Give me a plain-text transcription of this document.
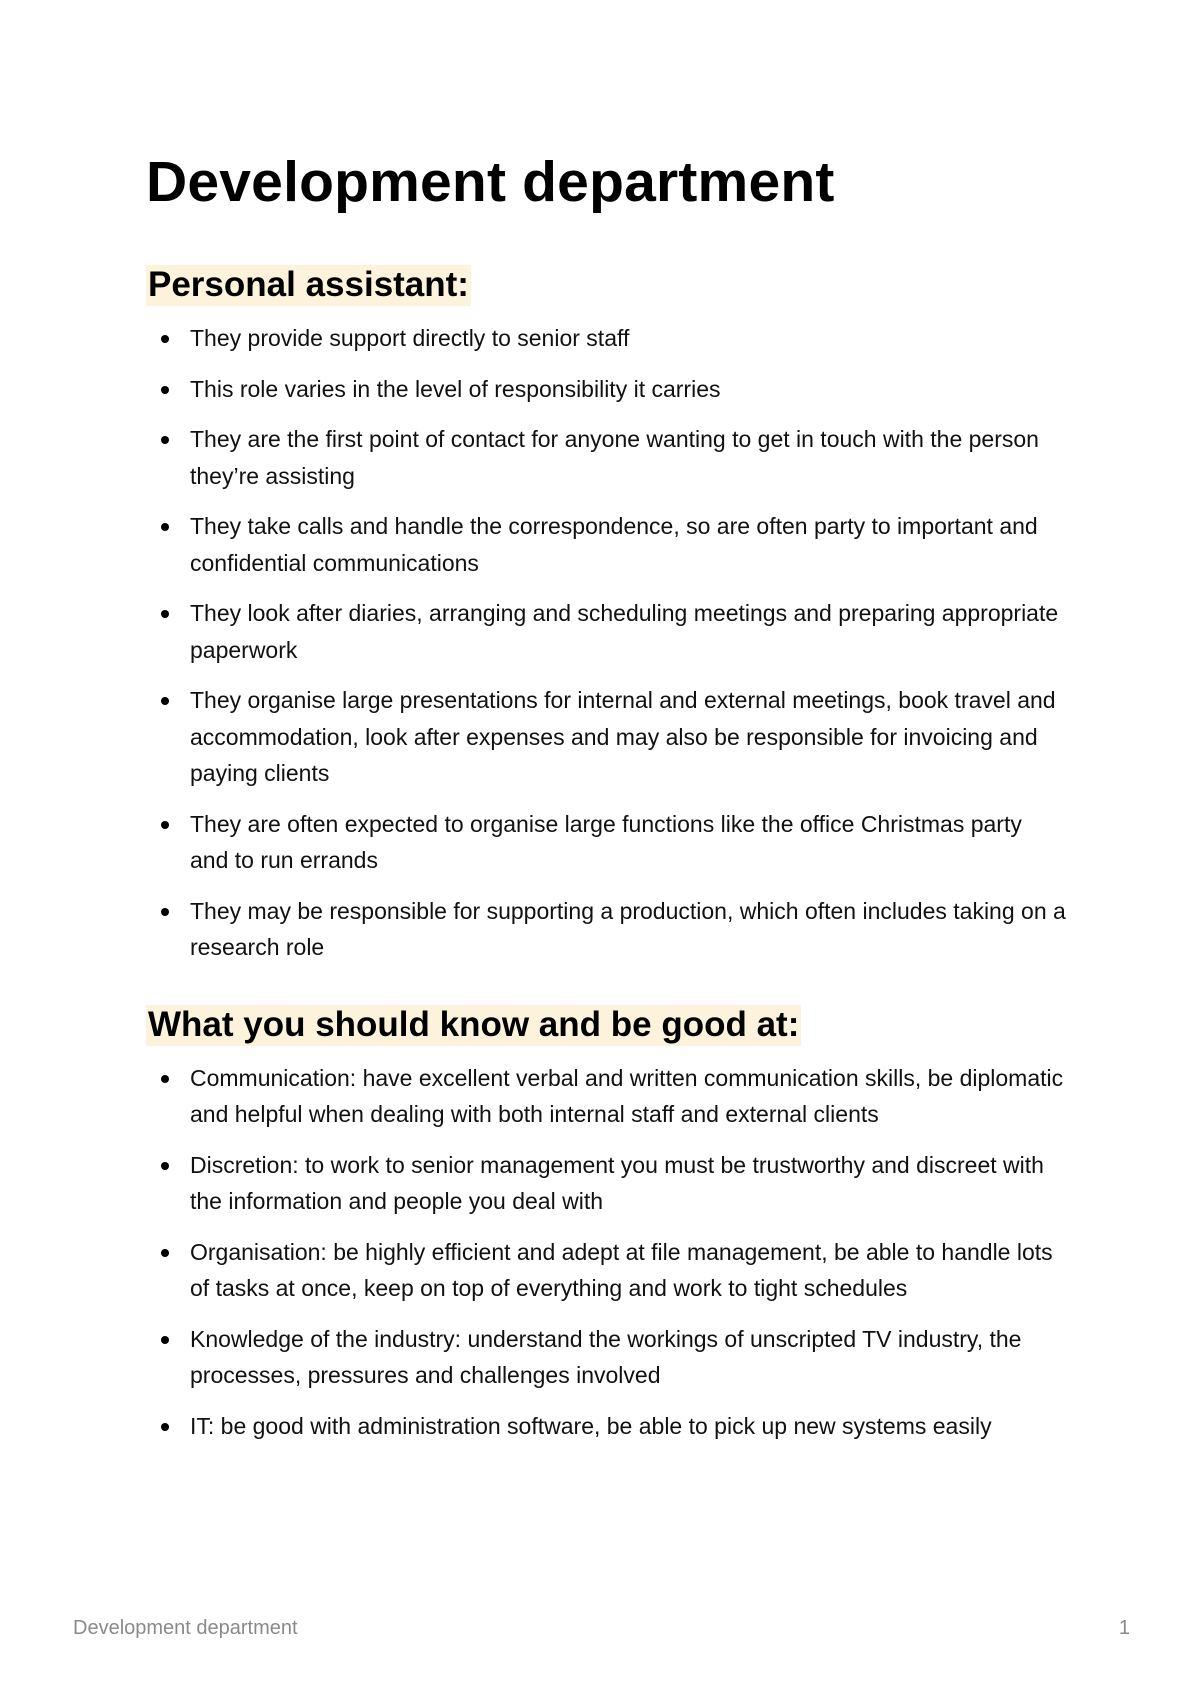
Development department
Personal assistant:
They provide support directly to senior staff
This role varies in the level of responsibility it carries
They are the first point of contact for anyone wanting to get in touch with the person they’re assisting
They take calls and handle the correspondence, so are often party to important and confidential communications
They look after diaries, arranging and scheduling meetings and preparing appropriate paperwork
They organise large presentations for internal and external meetings, book travel and accommodation, look after expenses and may also be responsible for invoicing and paying clients
They are often expected to organise large functions like the office Christmas party and to run errands
They may be responsible for supporting a production, which often includes taking on a research role
What you should know and be good at:
Communication: have excellent verbal and written communication skills, be diplomatic and helpful when dealing with both internal staff and external clients
Discretion: to work to senior management you must be trustworthy and discreet with the information and people you deal with
Organisation: be highly efficient and adept at file management, be able to handle lots of tasks at once, keep on top of everything and work to tight schedules
Knowledge of the industry: understand the workings of unscripted TV industry, the processes, pressures and challenges involved
IT: be good with administration software, be able to pick up new systems easily
Development department	1
